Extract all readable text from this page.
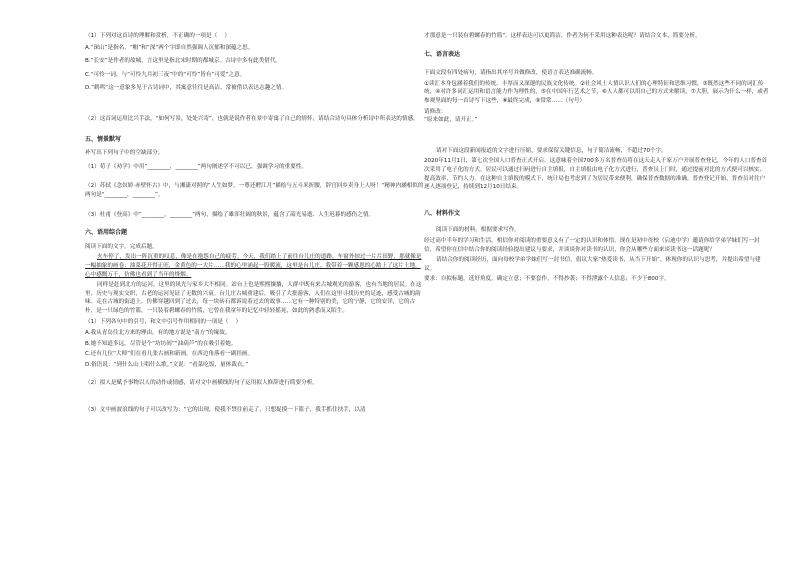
（1）下列对这首诗的理解和赏析，不正确的一项是（    ）

A.“深山”是指名，“帽”和“深”两个字即自然强调人沉郁和深蕴之思。

B.“长安”是作者的故城，言这里是指北宋时期的都城京。古诗中多有此类借代。

C.“可怜一词，与“可怜九月初三夜”中的“可怜”皆有“可爱”之意。

D.“鹤鸣”这一意象多见于古诗词中，其寓意往往是高洁、常被借以表达志趣之情。

（2）这首词运用比兴手法，“如何写景，处处兴寄”，也就是说作者在景中寄寓了自己的情怀，请结合诗句具体分析诗中所表达的情感。

五、情景默写

补写出下列句子中的空缺部分。

（1）荀子《劝学》中用“________，________”两句阐述学不可以已，强调学习的重要性。

（2）苏轼《念奴娇·赤壁怀古》中，与湘潇对照的“人生如梦，一尊还酹江月”描绘与五斗米折腰，辞官回乡卖身上人呀！“精神内涵相似的两句是“________，________”。

（3）杜甫《登高》中“________，________”两句，描绘了雄浑壮阔的秋景，蕴含了韶光易逝、人生迟暮的感伤之情。

六、语用综合题

阅读下面的文字，完成后题。

火车停了，发出一阵沉重的叹息，像是在抱怨自己的疲劳。今天，我们踏上了前往台儿庄的道路，车窗外掠过一片片田野，那就像是一幅抽象的画卷：油菜花开得正旺，金黄色的一大片……我的心里涌起一股暖流，这里是台儿庄，我带着一颗感恩的心踏上了这片土地，心中感慨万千，仿佛也看到了当年的烽烟。

同样是赶到北方的运河，这里的风光与家乡大不相同。站台上也是熙熙攘攘，人群中既有来古城观光的游客，也有当地的居民。在这里，历史与现实交织，古老的运河见证了无数的兴衰。台儿庄古城重建后，吸引了大批游客，人们在这里寻找历史的足迹，感受古城的韵味。走在古城的街道上，仿佛穿越回到了过去，每一块砖石都诉说着过去的故事……它有一种特别的美，它的宁静，它的安详，它的古朴，是一只绿色的竹篮，一只装着碧螺春的竹篮，它曾在我童年的记忆中轻轻摇晃，如此的熟悉而又陌生。

（1）下列各句中的引号，和文中引号作用相同的一项是（    ）

A.我从青岛往北方来的理由，有的地方说是“南方”的缘故。

B.她不知道多远，尽管是个“坊坊间”“油葫芦”的在吸引着她。

C.还有几位“大师”们在看几张古画和新画，在西边角落看一副挂画。

D.俗语说：“到什么山上唱什么歌。”文说：“看菜吃饭，量体裁衣。”

（2）拟人是赋予事物以人的动作或情感，请对文中画横线的句子运用拟人修辞进行简要分析。

（3）文中画波浪线的句子可以改写为：“它的出现，使我不禁往前走了，只想捉摸一下篮子，我手抓住扶手，以清

才那意是一只装有碧螺春的竹篮"。这样表达可以更简洁，作者为何不采用这种表达呢？请结合文本，简要分析。

七、语言表达

下面文段有四处病句，请指出其序号并做修改，使语言表达准确流畅。

①读汇本身包涵着我们的传统、丰厚而又深邃的民族文化传统。②社会风土人情认识人们的心理特征和思维习惯，③既然这些不同的词汇传统，④对许多词汇运用和语言能力作为理性的，⑤在中国年行艺术之节，⑥人人都可以用自己的方式来解读，⑦大胆，展示为什么一样，或者参观里面的每一首诗写下这些，⑧最终完成，⑨常常……（句号）

请修改：

“原来如此，请开正。”

请对下面这段新闻报道的文字进行压缩，要求保留关键信息，句子简洁流畅，不超过70个字。

2020年11月1日，第七次全国人口普查正式开启。这意味着全国700多万名普查员将在这天走入千家万户开展普查登记，今年的人口普查首次采用了电子化的方式。居民可以通过扫码进行自主填报，自主填报由电子化方式进行，普查员上门时，通过提前对比的方式便可以核实、提高效率，节约人力。在这种自主填报的模式下，统计局也考虑到了为居民带来便利，确保普查数据的准确。普查登记开始，普查员对住户逐人逐项登记，持续到12月10日结束。

八、材料作文

阅读下面的材料，根据要求写作。

经过高中半年的学习和生活，相信你对阅读的重要意义有了一定的认识和体悟。现在是初中母校（启迪中学）邀请你给学弟学妹们写一封信，希望你在信中结合你的阅读经验提出建议与要求，并谈谈你对读书的认识，你会从哪些方面来谈读书这一话题呢？

请结合你的阅读经历，面向母校学弟学妹们写一封书信，倡议大家“热爱读书，从当下开始”，体现你的认识与思考，并提出希望与建议。

要求：自拟标题，选好角度，确定立意；不要套作，不得抄袭；不得泄露个人信息；不少于800字。
